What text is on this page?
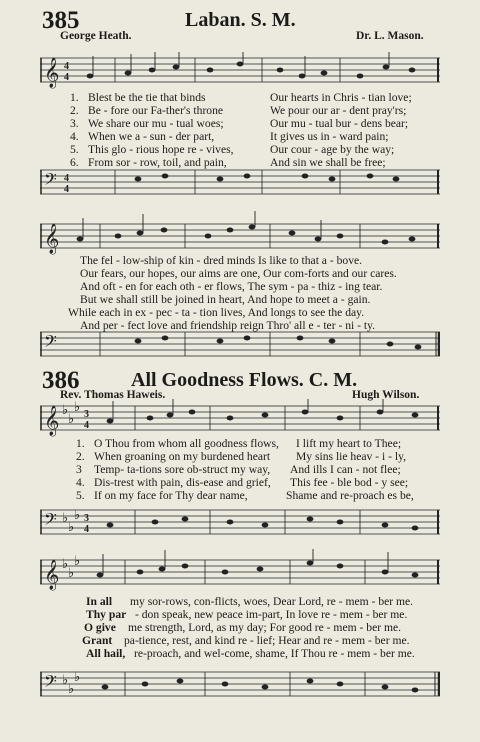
385	Laban. S. M.
George Heath.	Dr. L. Mason.
𝄞 4
4
1. Blest be the tie that binds	Our hearts in Chris - tian love;
2. Be - fore our Fa-ther's throne	We pour our ar - dent pray'rs;
3. We share our mu - tual woes;	Our mu - tual bur - dens bear;
4. When we a - sun - der part,	It gives us in - ward pain;
5. This glo - rious hope re - vives,	Our cour - age by the way;
6. From sor - row, toil, and pain,	And sin we shall be free;
𝄢 4
4
𝄞
The fel - low-ship of kin - dred minds Is like to that a - bove.
Our fears, our hopes, our aims are one, Our com-forts and our cares.
And oft - en for each oth - er flows, The sym - pa - thiz - ing tear.
But we shall still be joined in heart, And hope to meet a - gain.
While each in ex - pec - ta - tion lives, And longs to see the day.
And per - fect love and friendship reign Thro' all e - ter - ni - ty.
𝄢
386	All Goodness Flows. C. M.
Rev. Thomas Haweis.	Hugh Wilson.
𝄞 ♭
♭
♭
3
4
1. O Thou from whom all goodness flows, I lift my heart to Thee;
2. When groaning on my burdened heart My sins lie heav - i - ly,
3 Temp- ta-tions sore ob-struct my way, And ills I can - not flee;
4. Dis-trest with pain, dis-ease and grief, This fee - ble bod - y see;
5. If on my face for Thy dear name,	Shame and re-proach es be,
𝄢 ♭
♭
♭ 3
4
𝄞 ♭
♭
♭
In all my sor-rows, con-flicts, woes, Dear Lord, re - mem - ber me.
Thy par - don speak, new peace im-part, In love re - mem - ber me.
O give me strength, Lord, as my day; For good re - mem - ber me.
Grant pa-tience, rest, and kind re - lief; Hear and re - mem - ber me.
All hail, re-proach, and wel-come, shame, If Thou re - mem - ber me.
𝄢 ♭
♭
♭
